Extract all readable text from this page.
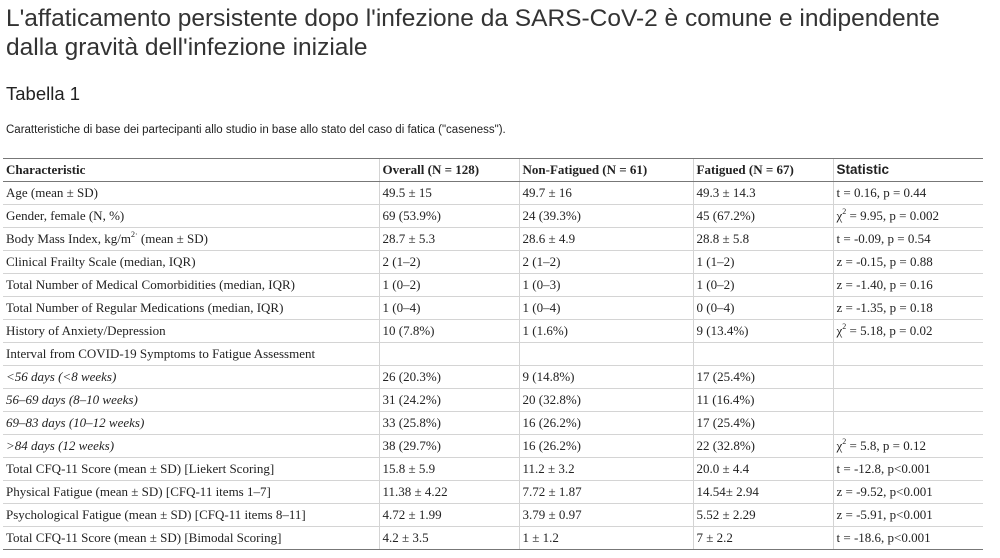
L'affaticamento persistente dopo l'infezione da SARS-CoV-2 è comune e indipendente dalla gravità dell'infezione iniziale
Tabella 1

Caratteristiche di base dei partecipanti allo studio in base allo stato del caso di fatica ("caseness").

Characteristic	Overall (N = 128)	Non-Fatigued (N = 61)	Fatigued (N = 67)	Statistic
Age (mean ± SD)	49.5 ± 15	49.7 ± 16	49.3 ± 14.3	t = 0.16, p = 0.44
Gender, female (N, %)	69 (53.9%)	24 (39.3%)	45 (67.2%)	$\chi^2 = 9.95$, p = 0.002
Body Mass Index, $kg/m^{2\cdot}$ (mean ± SD)	28.7 ± 5.3	28.6 ± 4.9	28.8 ± 5.8	t = -0.09, p = 0.54
Clinical Frailty Scale (median, IQR)	2 (1–2)	2 (1–2)	1 (1–2)	z = -0.15, p = 0.88
Total Number of Medical Comorbidities (median, IQR)	1 (0–2)	1 (0–3)	1 (0–2)	z = -1.40, p = 0.16
Total Number of Regular Medications (median, IQR)	1 (0–4)	1 (0–4)	0 (0–4)	z = -1.35, p = 0.18
History of Anxiety/Depression	10 (7.8%)	1 (1.6%)	9 (13.4%)	$\chi^2 = 5.18$, p = 0.02
Interval from COVID-19 Symptoms to Fatigue Assessment				
<56 days (<8 weeks)	26 (20.3%)	9 (14.8%)	17 (25.4%)	
56–69 days (8–10 weeks)	31 (24.2%)	20 (32.8%)	11 (16.4%)	
69–83 days (10–12 weeks)	33 (25.8%)	16 (26.2%)	17 (25.4%)	
>84 days (12 weeks)	38 (29.7%)	16 (26.2%)	22 (32.8%)	$\chi^2 = 5.8$, p = 0.12
Total CFQ-11 Score (mean ± SD) [Liekert Scoring]	15.8 ± 5.9	11.2 ± 3.2	20.0 ± 4.4	t = -12.8, p<0.001
Physical Fatigue (mean ± SD) [CFQ-11 items 1–7]	11.38 ± 4.22	7.72 ± 1.87	14.54± 2.94	z = -9.52, p<0.001
Psychological Fatigue (mean ± SD) [CFQ-11 items 8–11]	4.72 ± 1.99	3.79 ± 0.97	5.52 ± 2.29	z = -5.91, p<0.001
Total CFQ-11 Score (mean ± SD) [Bimodal Scoring]	4.2 ± 3.5	1 ± 1.2	7 ± 2.2	t = -18.6, p<0.001
